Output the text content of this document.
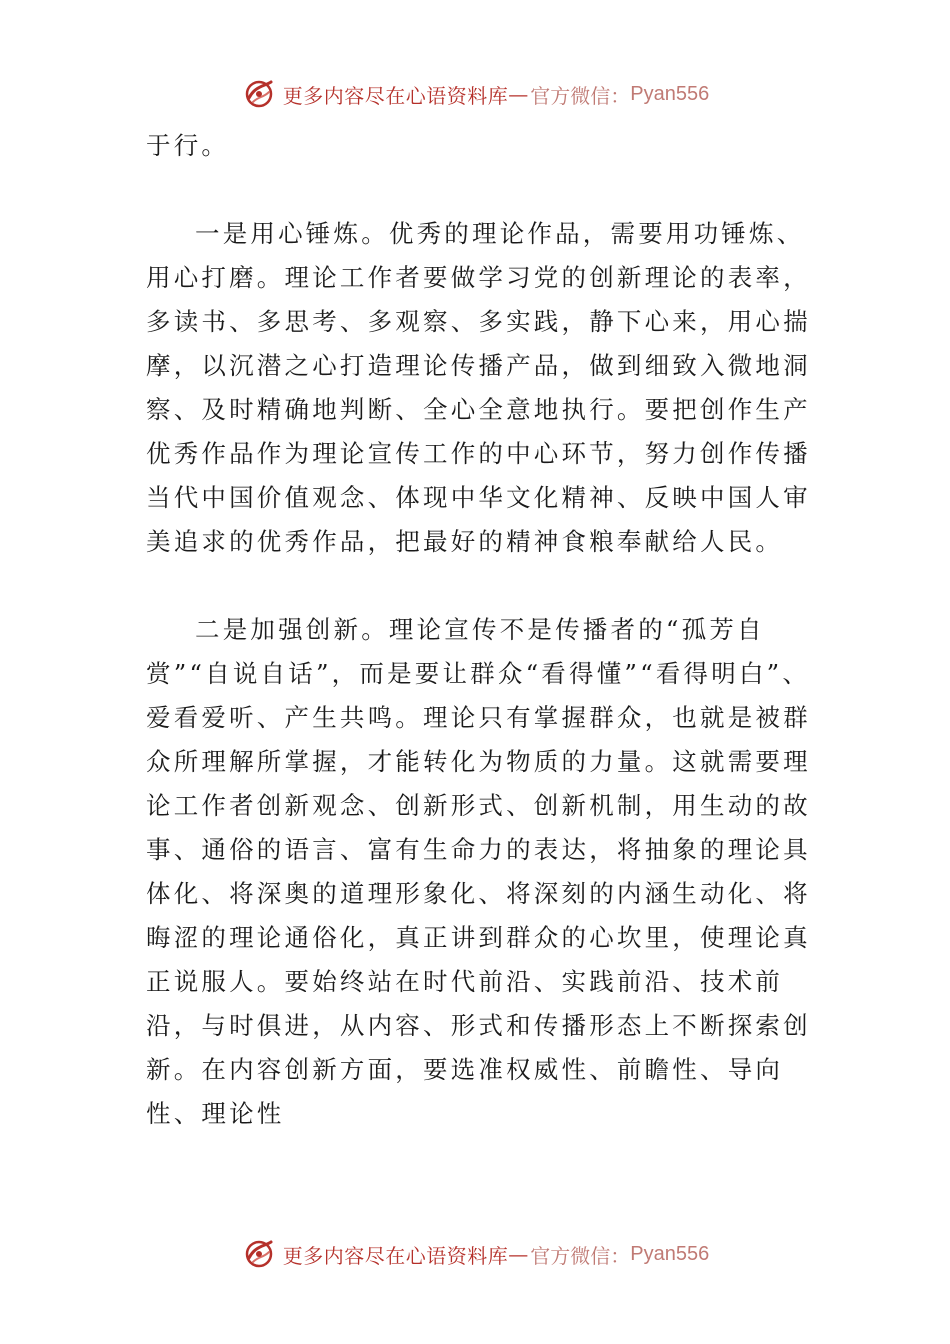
更多内容尽在心语资料库 — 官方微信： Pyan556

于行。

一是用心锤炼。优秀的理论作品，需要用功锤炼、用心打磨。理论工作者要做学习党的创新理论的表率，多读书、多思考、多观察、多实践，静下心来，用心揣摩，以沉潜之心打造理论传播产品，做到细致入微地洞察、及时精确地判断、全心全意地执行。要把创作生产优秀作品作为理论宣传工作的中心环节，努力创作传播当代中国价值观念、体现中华文化精神、反映中国人审美追求的优秀作品，把最好的精神食粮奉献给人民。

二是加强创新。理论宣传不是传播者的“孤芳自赏”“自说自话”，而是要让群众“看得懂”“看得明白”、爱看爱听、产生共鸣。理论只有掌握群众，也就是被群众所理解所掌握，才能转化为物质的力量。这就需要理论工作者创新观念、创新形式、创新机制，用生动的故事、通俗的语言、富有生命力的表达，将抽象的理论具体化、将深奥的道理形象化、将深刻的内涵生动化、将晦涩的理论通俗化，真正讲到群众的心坎里，使理论真正说服人。要始终站在时代前沿、实践前沿、技术前沿，与时俱进，从内容、形式和传播形态上不断探索创新。在内容创新方面，要选准权威性、前瞻性、导向性、理论性

更多内容尽在心语资料库 — 官方微信： Pyan556
